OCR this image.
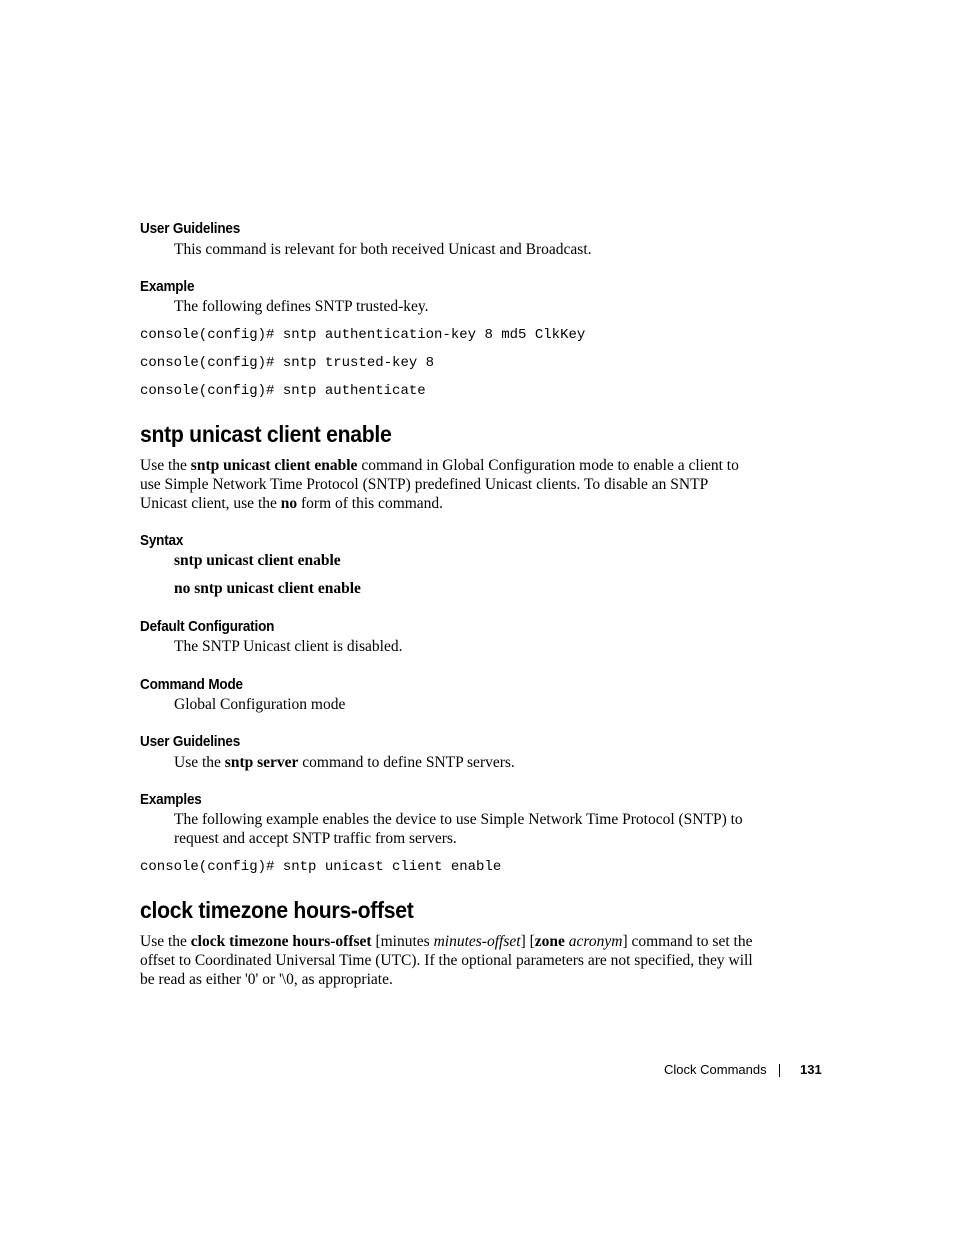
User Guidelines
This command is relevant for both received Unicast and Broadcast.
Example
The following defines SNTP trusted-key.
console(config)# sntp authentication-key 8 md5 ClkKey
console(config)# sntp trusted-key 8
console(config)# sntp authenticate
sntp unicast client enable
Use the sntp unicast client enable command in Global Configuration mode to enable a client to use Simple Network Time Protocol (SNTP) predefined Unicast clients. To disable an SNTP Unicast client, use the no form of this command.
Syntax
sntp unicast client enable
no sntp unicast client enable
Default Configuration
The SNTP Unicast client is disabled.
Command Mode
Global Configuration mode
User Guidelines
Use the sntp server command to define SNTP servers.
Examples
The following example enables the device to use Simple Network Time Protocol (SNTP) to request and accept SNTP traffic from servers.
console(config)# sntp unicast client enable
clock timezone hours-offset
Use the clock timezone hours-offset [minutes minutes-offset] [zone acronym] command to set the offset to Coordinated Universal Time (UTC). If the optional parameters are not specified, they will be read as either '0' or '\0, as appropriate.
Clock Commands	131
